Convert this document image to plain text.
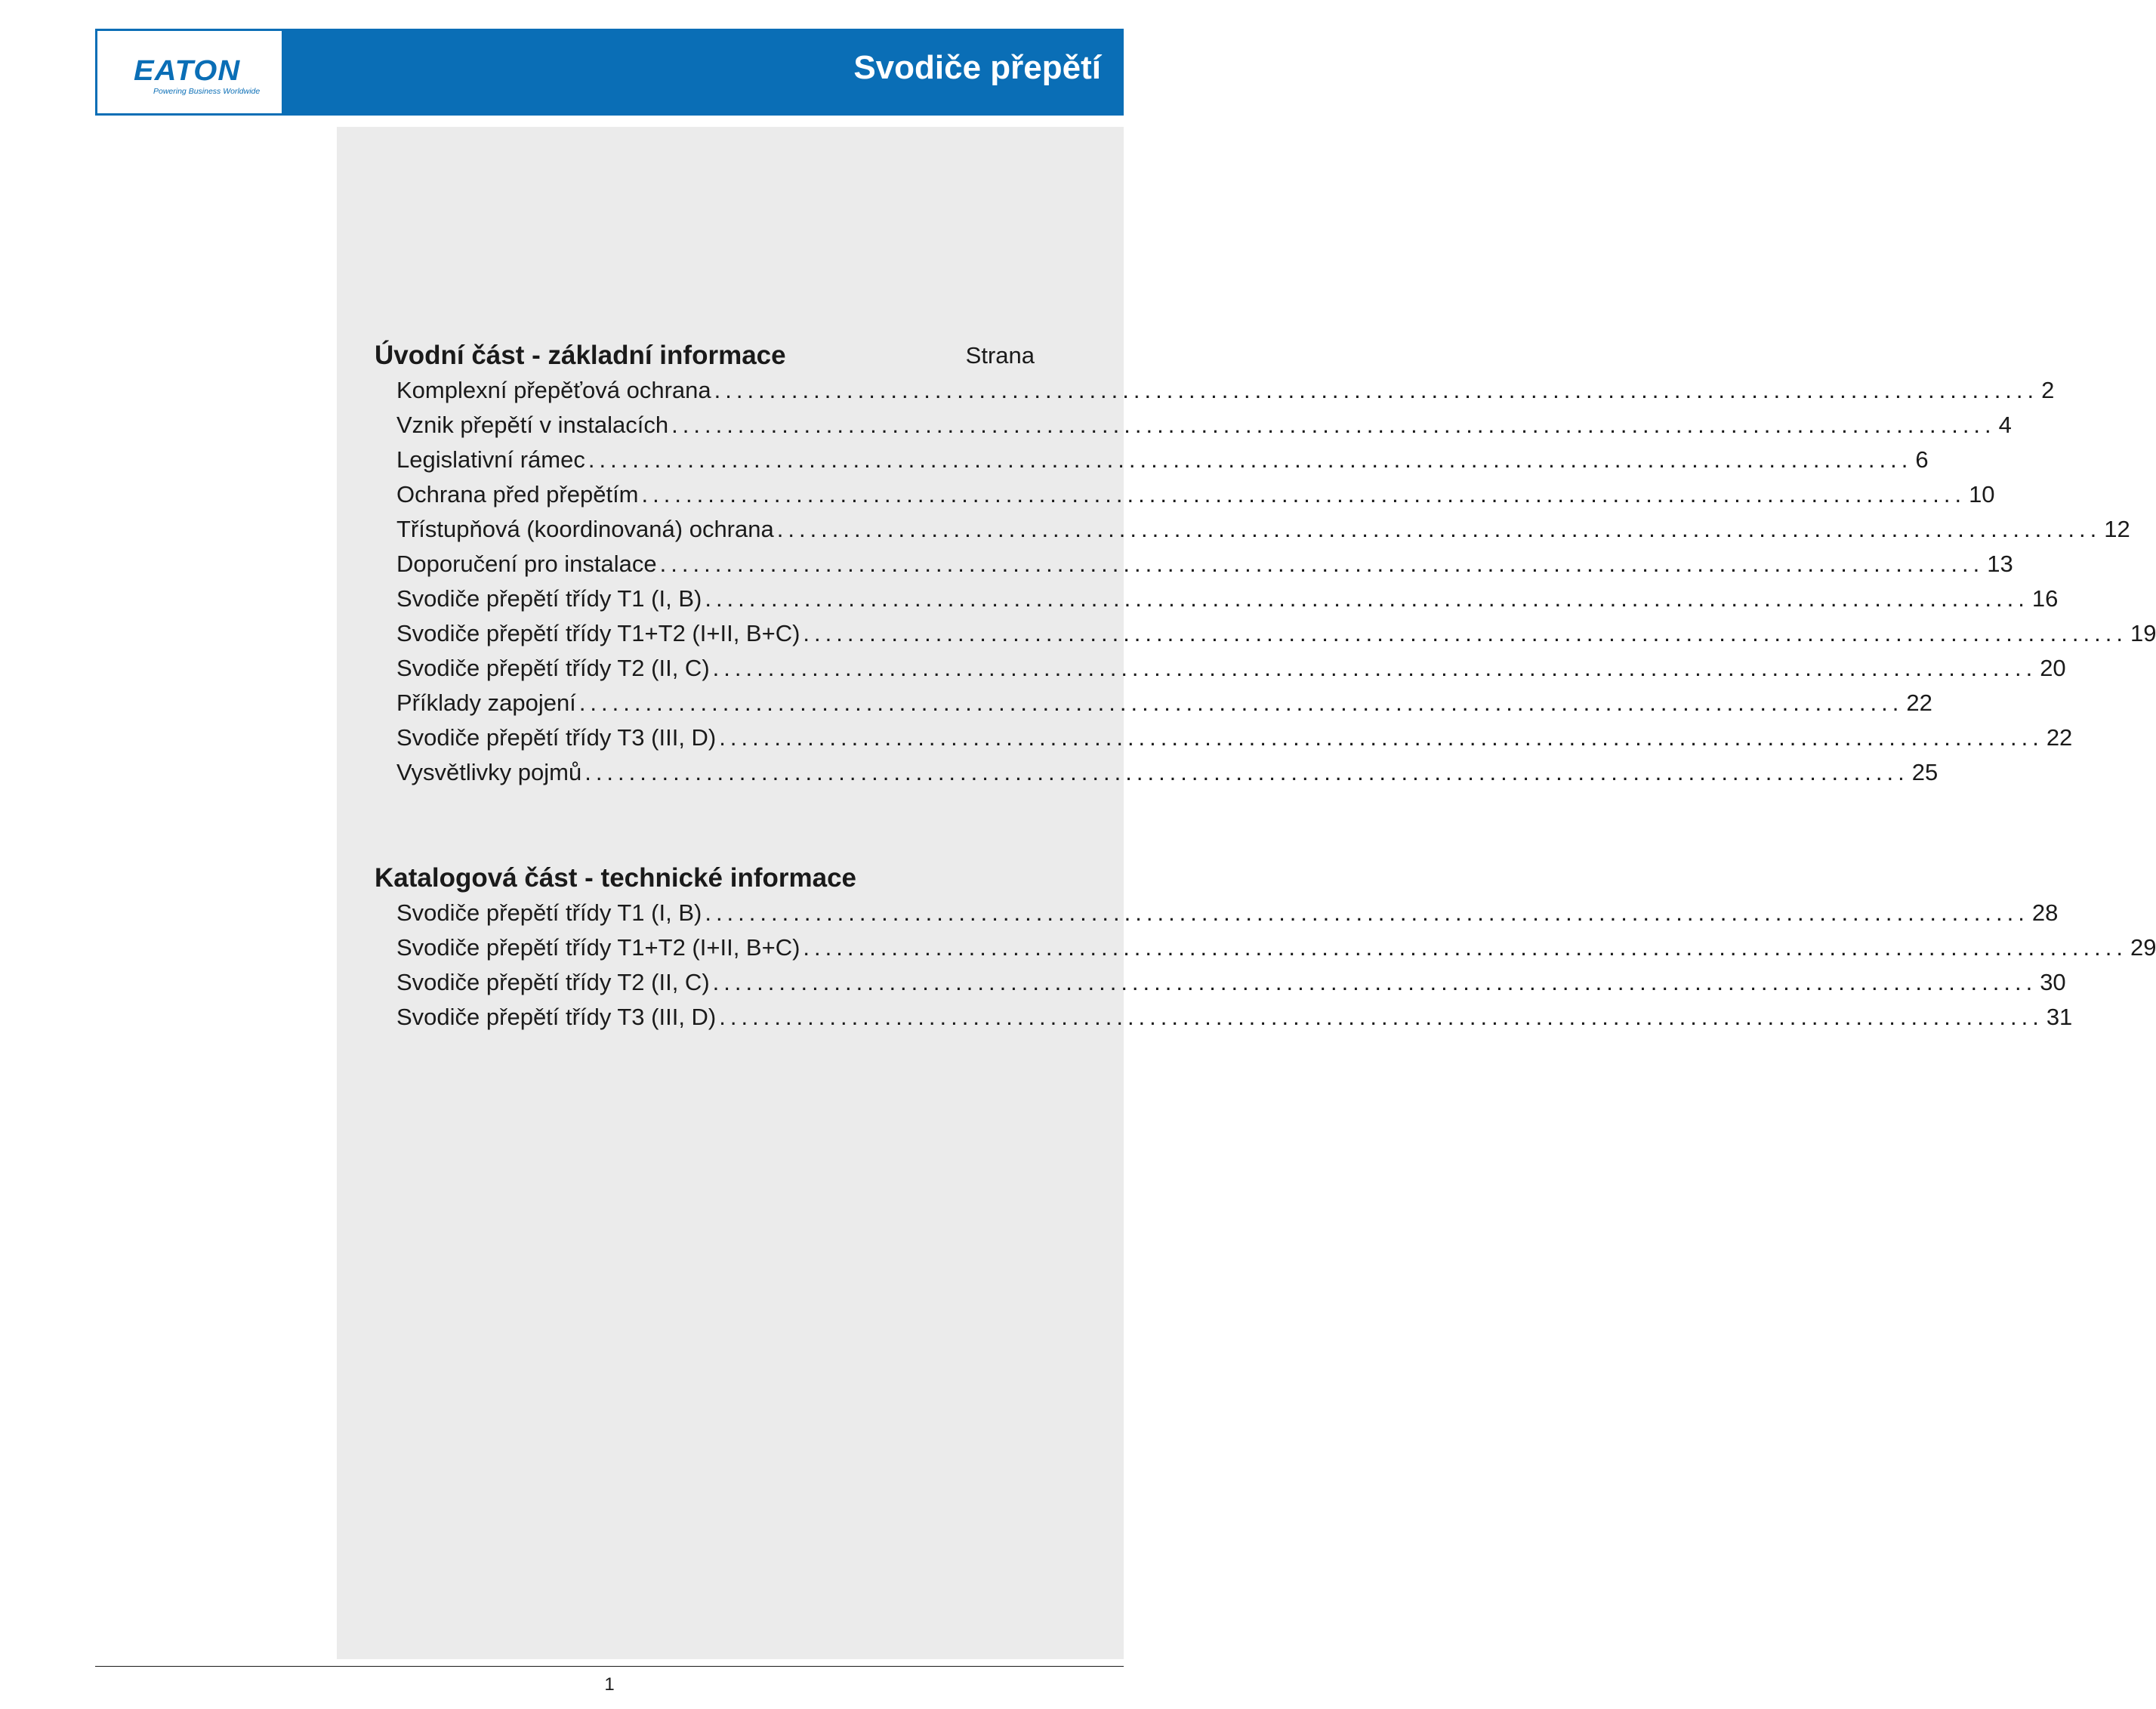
EATON
Powering Business Worldwide
Svodiče přepětí
Úvodní část - základní informace	Strana
Komplexní přepěťová ochrana ........................................................................................................................ 2
Vznik přepětí v instalacích ........................................................................................................................ 4
Legislativní rámec ........................................................................................................................ 6
Ochrana před přepětím ........................................................................................................................ 10
Třístupňová (koordinovaná) ochrana ........................................................................................................................ 12
Doporučení pro instalace ........................................................................................................................ 13
Svodiče přepětí třídy T1 (I, B) ........................................................................................................................ 16
Svodiče přepětí třídy T1+T2 (I+II, B+C) ........................................................................................................................ 19
Svodiče přepětí třídy T2 (II, C) ........................................................................................................................ 20
Příklady zapojení ........................................................................................................................ 22
Svodiče přepětí třídy T3 (III, D) ........................................................................................................................ 22
Vysvětlivky pojmů ........................................................................................................................ 25
Katalogová část - technické informace
Svodiče přepětí třídy T1 (I, B) ........................................................................................................................ 28
Svodiče přepětí třídy T1+T2 (I+II, B+C) ........................................................................................................................ 29
Svodiče přepětí třídy T2 (II, C) ........................................................................................................................ 30
Svodiče přepětí třídy T3 (III, D) ........................................................................................................................ 31
1
